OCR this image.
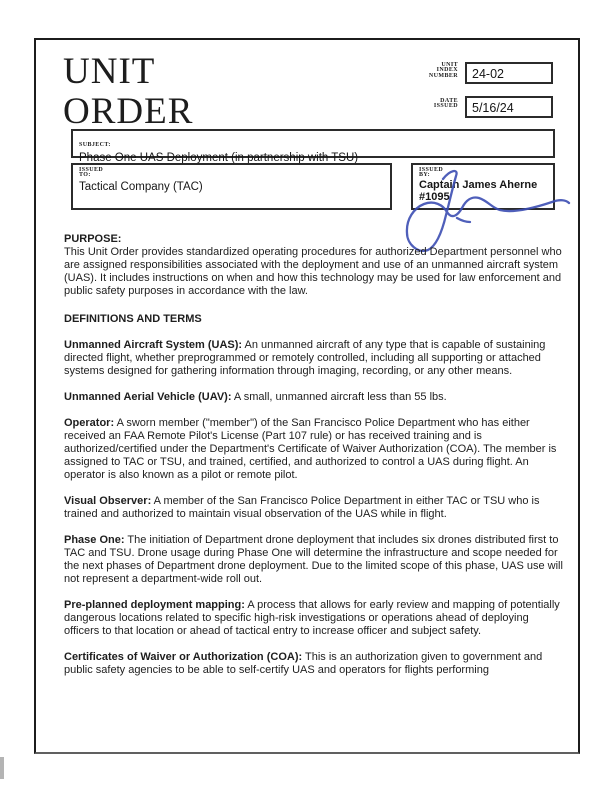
UNIT
ORDER
UNIT
INDEX
NUMBER	24-02
DATE
ISSUED	5/16/24
SUBJECT:
Phase One UAS Deployment (in partnership with TSU)
ISSUED
TO:
Tactical Company (TAC)
ISSUED
BY:
Captain James Aherne
#1095
PURPOSE:

This Unit Order provides standardized operating procedures for authorized Department personnel who are assigned responsibilities associated with the deployment and use of an unmanned aircraft system (UAS). It includes instructions on when and how this technology may be used for law enforcement and public safety purposes in accordance with the law.

DEFINITIONS AND TERMS

Unmanned Aircraft System (UAS): An unmanned aircraft of any type that is capable of sustaining directed flight, whether preprogrammed or remotely controlled, including all supporting or attached systems designed for gathering information through imaging, recording, or any other means.

Unmanned Aerial Vehicle (UAV): A small, unmanned aircraft less than 55 lbs.

Operator: A sworn member ("member") of the San Francisco Police Department who has either received an FAA Remote Pilot's License (Part 107 rule) or has received training and is authorized/certified under the Department's Certificate of Waiver Authorization (COA). The member is assigned to TAC or TSU, and trained, certified, and authorized to control a UAS during flight. An operator is also known as a pilot or remote pilot.

Visual Observer: A member of the San Francisco Police Department in either TAC or TSU who is trained and authorized to maintain visual observation of the UAS while in flight.

Phase One: The initiation of Department drone deployment that includes six drones distributed first to TAC and TSU. Drone usage during Phase One will determine the infrastructure and scope needed for the next phases of Department drone deployment. Due to the limited scope of this phase, UAS use will not represent a department-wide roll out.

Pre-planned deployment mapping: A process that allows for early review and mapping of potentially dangerous locations related to specific high-risk investigations or operations ahead of deploying officers to that location or ahead of tactical entry to increase officer and subject safety.

Certificates of Waiver or Authorization (COA): This is an authorization given to government and public safety agencies to be able to self-certify UAS and operators for flights performing
